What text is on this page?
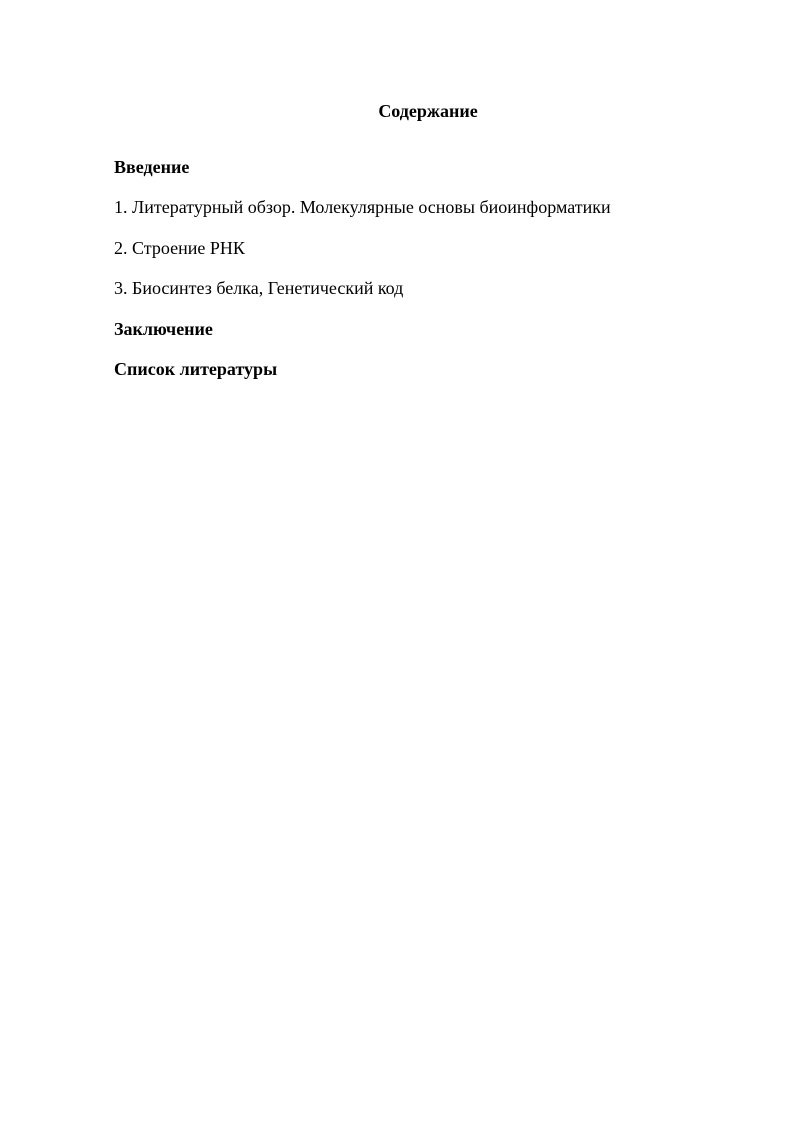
Содержание
Введение
1. Литературный обзор. Молекулярные основы биоинформатики
2. Строение РНК
3. Биосинтез белка, Генетический код
Заключение
Список литературы
